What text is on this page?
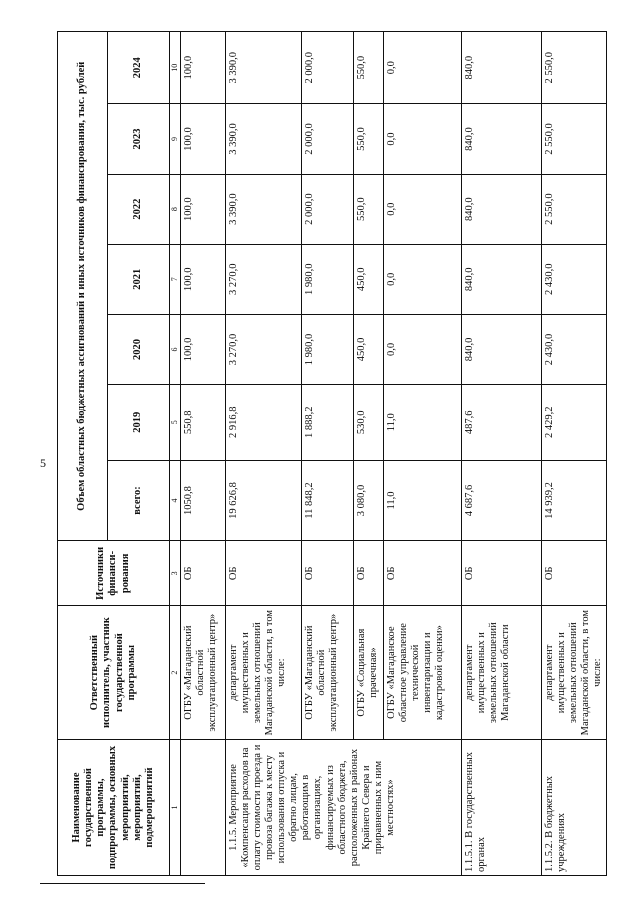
5
Наименование государственной программы, подпрограммы, основных мероприятий, мероприятий, подмероприятий	Ответственный исполнитель, участник государственной программы	Источники финанси- рования	Объем областных бюджетных ассигнований и иных источников финансирования, тыс. рублей						
			всего:	2019	2020	2021	2022	2023	2024
1	2	3	4	5	6	7	8	9	10
	ОГБУ «Магаданский областной эксплуатационный центр»	ОБ	1050,8	550,8	100,0	100,0	100,0	100,0	100,0
1.1.5. Мероприятие «Компенсация расходов на оплату стоимости проезда и провоза багажа к месту использования отпуска и обратно лицам, работающим в организациях, финансируемых из областного бюджета, расположенных в районах Крайнего Севера и приравненных к ним местностях»	департамент имущественных и земельных отношений Магаданской области, в том числе:	ОБ	19 626,8	2 916,8	3 270,0	3 270,0	3 390,0	3 390,0	3 390,0
	ОГБУ «Магаданский областной эксплуатационный центр»	ОБ	11 848,2	1 888,2	1 980,0	1 980,0	2 000,0	2 000,0	2 000,0
	ОГБУ «Социальная прачечная»	ОБ	3 080,0	530,0	450,0	450,0	550,0	550,0	550,0
	ОГБУ «Магаданское областное управление технической инвентаризации и кадастровой оценки»	ОБ	11,0	11,0	0,0	0,0	0,0	0,0	0,0
1.1.5.1. В государственных органах	департамент имущественных и земельных отношений Магаданской области	ОБ	4 687,6	487,6	840,0	840,0	840,0	840,0	840,0
1.1.5.2. В бюджетных учреждениях	департамент имущественных и земельных отношений Магаданской области, в том числе:	ОБ	14 939,2	2 429,2	2 430,0	2 430,0	2 550,0	2 550,0	2 550,0
